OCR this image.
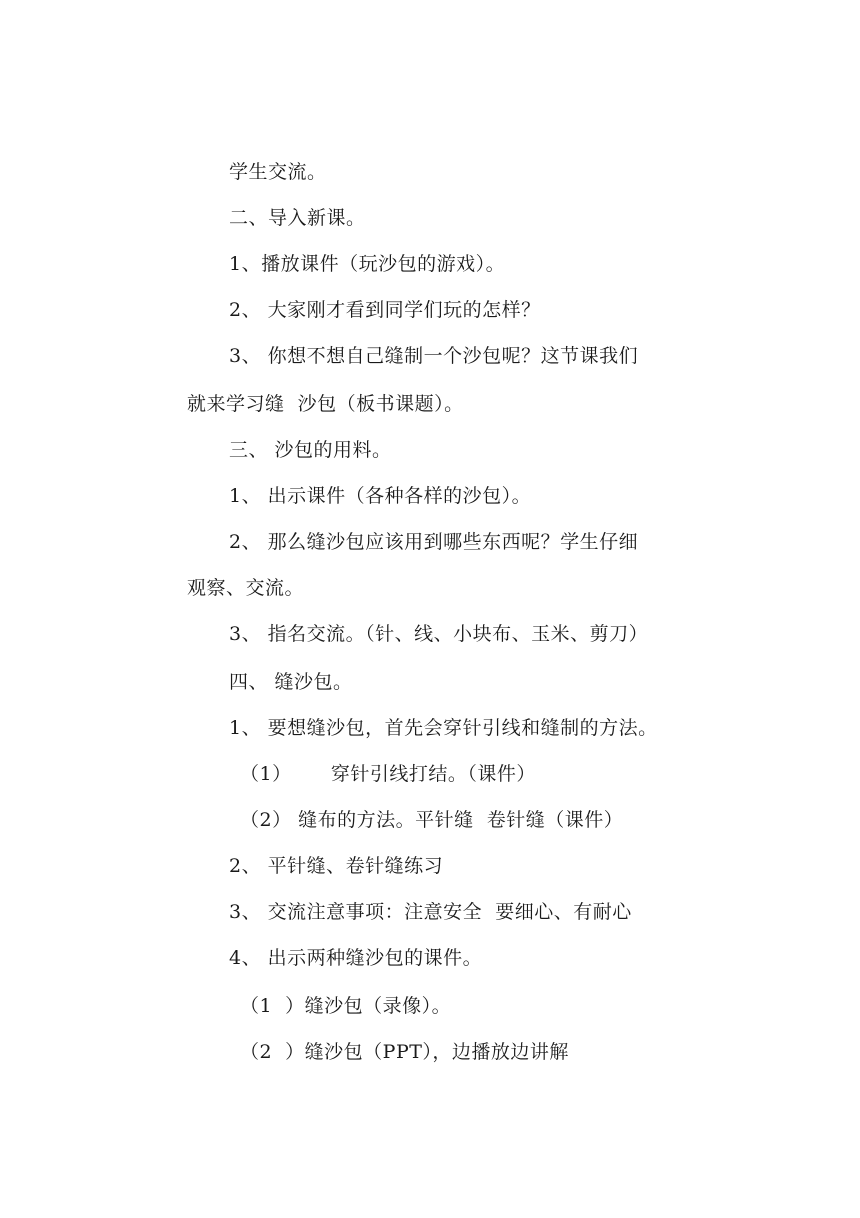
学生交流。
二、导入新课。
1、播放课件（玩沙包的游戏）。
2、 大家刚才看到同学们玩的怎样？
3、 你想不想自己缝制一个沙包呢？这节课我们
就来学习缝  沙包（板书课题）。
三、 沙包的用料。
1、 出示课件（各种各样的沙包）。
2、 那么缝沙包应该用到哪些东西呢？学生仔细
观察、交流。
3、 指名交流。（针、线、小块布、玉米、剪刀）
四、 缝沙包。
1、 要想缝沙包，首先会穿针引线和缝制的方法。
（1）      穿针引线打结。（课件）
（2） 缝布的方法。平针缝  卷针缝（课件）
2、 平针缝、卷针缝练习
3、 交流注意事项：注意安全  要细心、有耐心
4、 出示两种缝沙包的课件。
（1  ）缝沙包（录像）。
（2  ）缝沙包（PPT），边播放边讲解
